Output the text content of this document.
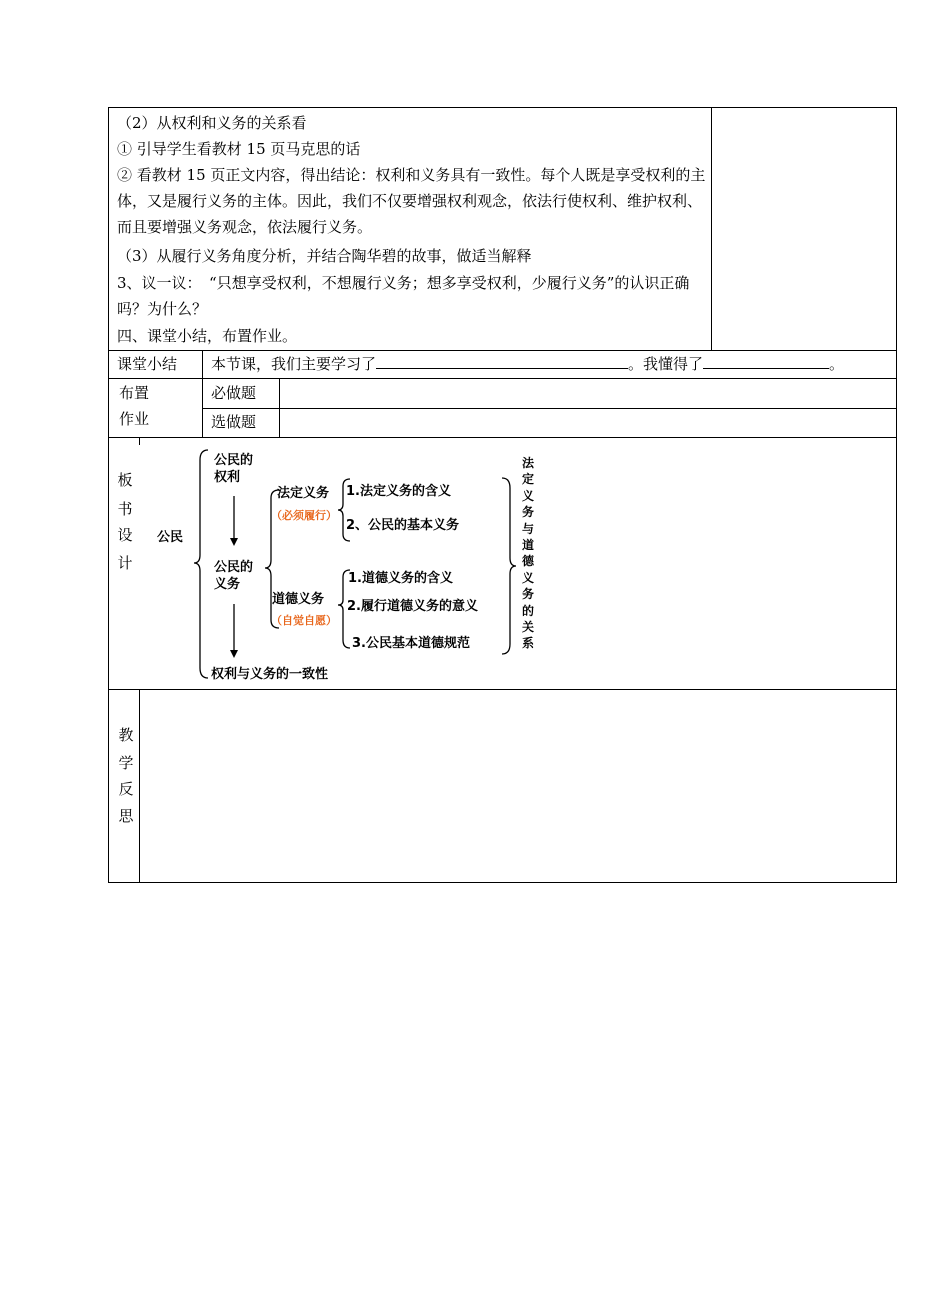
（2）从权利和义务的关系看
① 引导学生看教材 15 页马克思的话
② 看教材 15 页正文内容，得出结论：权利和义务具有一致性。每个人既是享受权利的主体，又是履行义务的主体。因此，我们不仅要增强权利观念，依法行使权利、维护权利、而且要增强义务观念，依法履行义务。
（3）从履行义务角度分析，并结合陶华碧的故事，做适当解释
3、议一议：　“只想享受权利，不想履行义务；想多享受权利，少履行义务”的认识正确吗？为什么？
四、课堂小结，布置作业。
课堂小结 本节课，我们主要学习了	。我懂得了	。
布置
作业
必做题
选做题
板
书
设
计
公民
公民的
权利
公民的
义务
法定义务
（必须履行）
1.法定义务的含义
2、公民的基本义务
道德义务
（自觉自愿）
1.道德义务的含义
2.履行道德义务的意义
3.公民基本道德规范
权利与义务的一致性
法
定
义
务
与
道
德
义
务
的
关
系
教
学
反
思
